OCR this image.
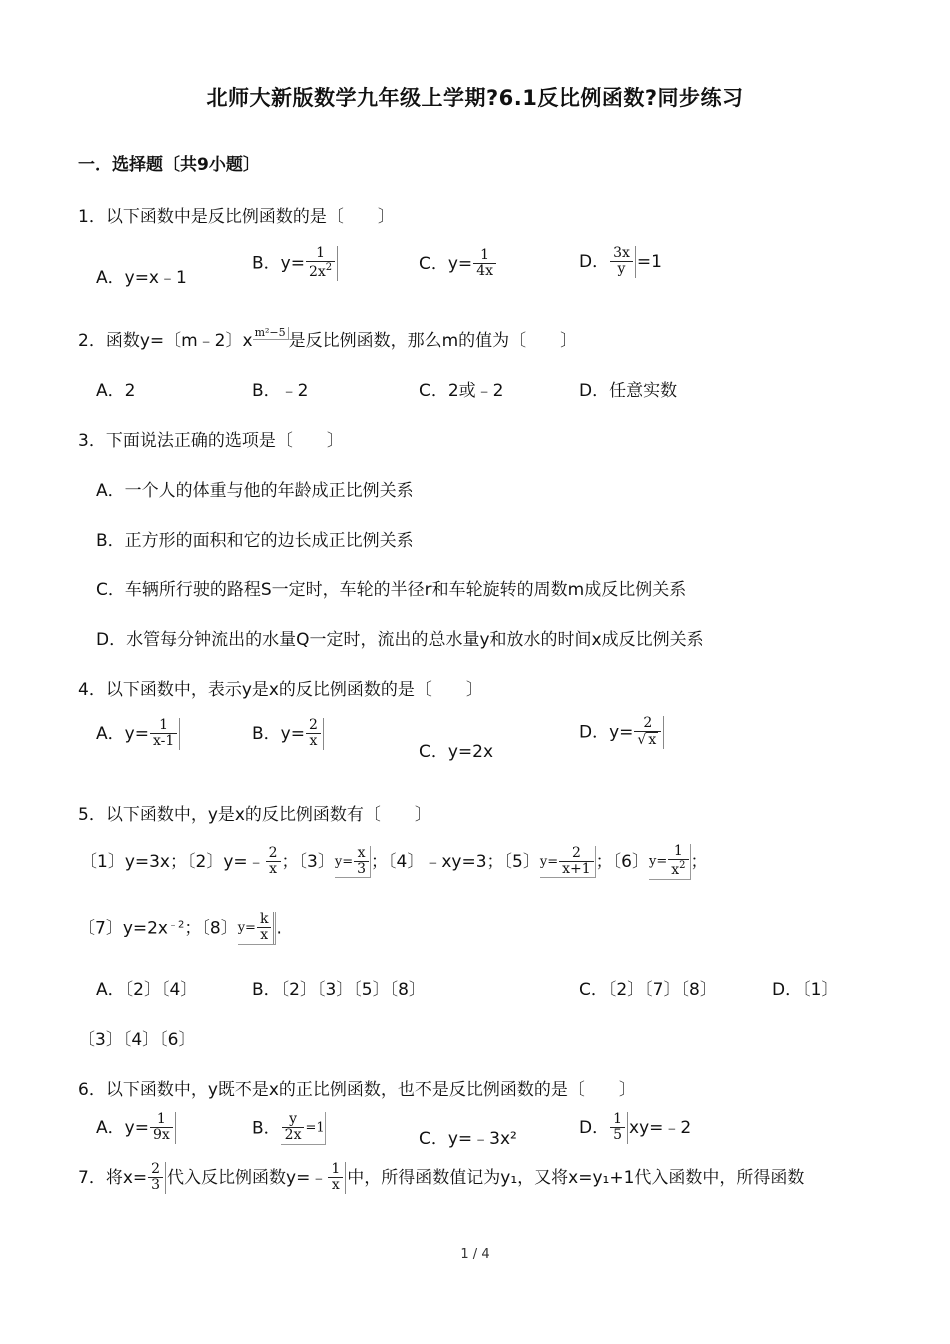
北师大新版数学九年级上学期?6.1反比例函数?同步练习
一．选择题〔共9小题〕
1．以下函数中是反比例函数的是〔　　〕
A．y=x﹣1
B．$y= \frac{1}{2x^2}$	C．$y= \frac{1}{4x}$	D． $\frac{3x}{y} =1$
2．函数y=〔m﹣2〕x m²−5 是反比例函数，那么m的值为〔　　〕
A．2	B．﹣2	C．2或﹣2	D．任意实数
3．下面说法正确的选项是〔　　〕
A．一个人的体重与他的年龄成正比例关系
B．正方形的面积和它的边长成正比例关系
C．车辆所行驶的路程S一定时，车轮的半径r和车轮旋转的周数m成反比例关系
D．水管每分钟流出的水量Q一定时，流出的总水量y和放水的时间x成反比例关系
4．以下函数中，表示y是x的反比例函数的是〔　　〕
A．$y= \frac{1}{x-1}$	B．$y= \frac{2}{x}$
C．y=2x
D．$y= \frac{2}{√ x}$
5．以下函数中，y是x的反比例函数有〔　　〕
〔1〕y=3x；〔2〕y=﹣ $\frac{2}{x}$ ；〔3〕$y= \frac{x}{3}$ ；〔4〕﹣xy=3；〔5〕$y= \frac{2}{x+1}$ ；〔6〕$y= \frac{1}{x^2}$ ；
〔7〕$y=2x^{﹣2}$；〔8〕$y= \frac{k}{x}$ .
A．〔2〕〔4〕	B．〔2〕〔3〕〔5〕〔8〕	C．〔2〕〔7〕〔8〕	D．〔1〕
〔3〕〔4〕〔6〕
6．以下函数中，y既不是x的正比例函数，也不是反比例函数的是〔　　〕
A．$y= \frac{1}{9x}$	B． $\frac{y}{2x} =1$
C．y=﹣3x²
D． $\frac{1}{5}$ xy=﹣2
7．将$x= \frac{2}{3}$ 代入反比例函数y=﹣ $\frac{1}{x}$ 中，所得函数值记为y₁，又将x=y₁+1代入函数中，所得函数
1 / 4
